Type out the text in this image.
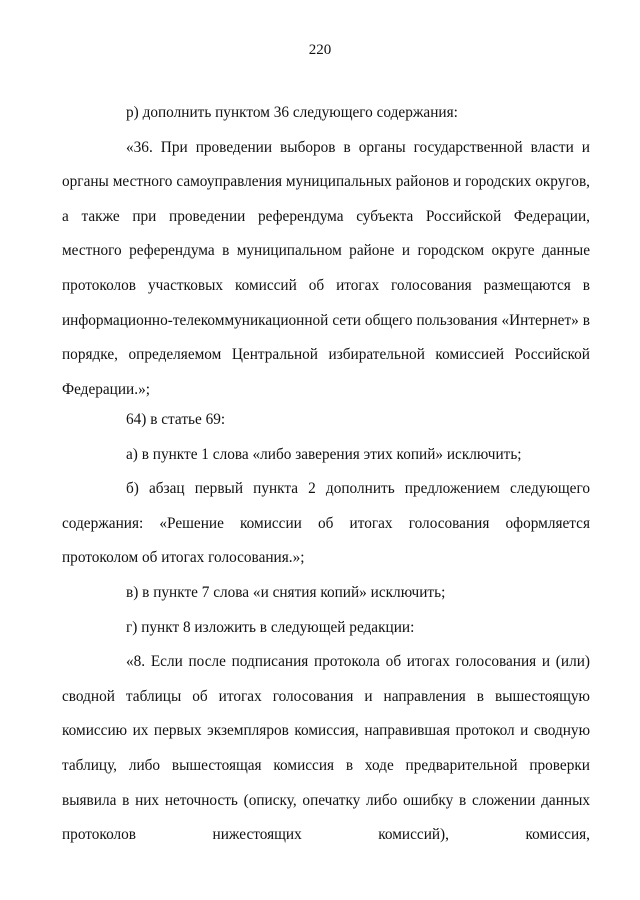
220
р) дополнить пунктом 36 следующего содержания:
«36. При проведении выборов в органы государственной власти и органы местного самоуправления муниципальных районов и городских округов, а также при проведении референдума субъекта Российской Федерации, местного референдума в муниципальном районе и городском округе данные протоколов участковых комиссий об итогах голосования размещаются в информационно-телекоммуникационной сети общего пользования «Интернет» в порядке, определяемом Центральной избирательной комиссией Российской Федерации.»;
64) в статье 69:
а) в пункте 1 слова «либо заверения этих копий» исключить;
б) абзац первый пункта 2 дополнить предложением следующего содержания: «Решение комиссии об итогах голосования оформляется протоколом об итогах голосования.»;
в) в пункте 7 слова «и снятия копий» исключить;
г) пункт 8 изложить в следующей редакции:
«8. Если после подписания протокола об итогах голосования и (или) сводной таблицы об итогах голосования и направления в вышестоящую комиссию их первых экземпляров комиссия, направившая протокол и сводную таблицу, либо вышестоящая комиссия в ходе предварительной проверки выявила в них неточность (описку, опечатку либо ошибку в сложении данных протоколов нижестоящих комиссий), комиссия,
